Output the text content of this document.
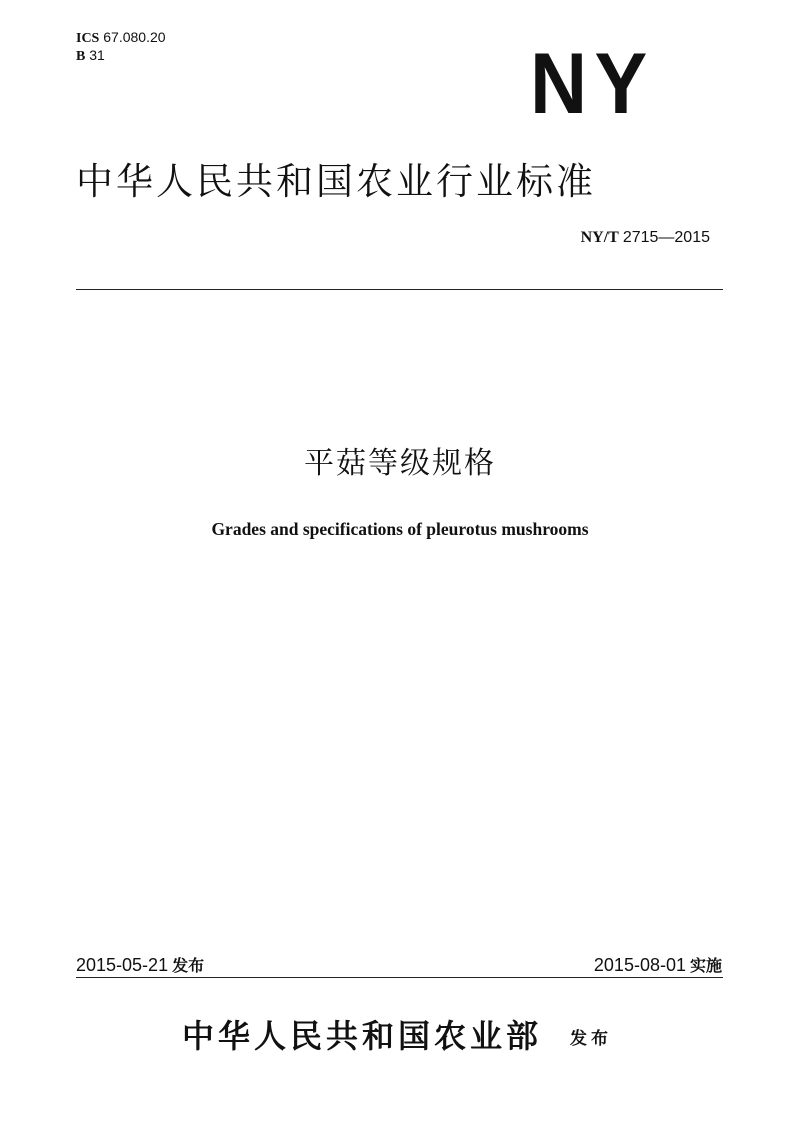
ICS 67.080.20
B 31	NY
中华人民共和国农业行业标准
NY/T 2715—2015
平菇等级规格
Grades and specifications of pleurotus mushrooms
2015-05-21 发布	2015-08-01 实施
中华人民共和国农业部 发布
